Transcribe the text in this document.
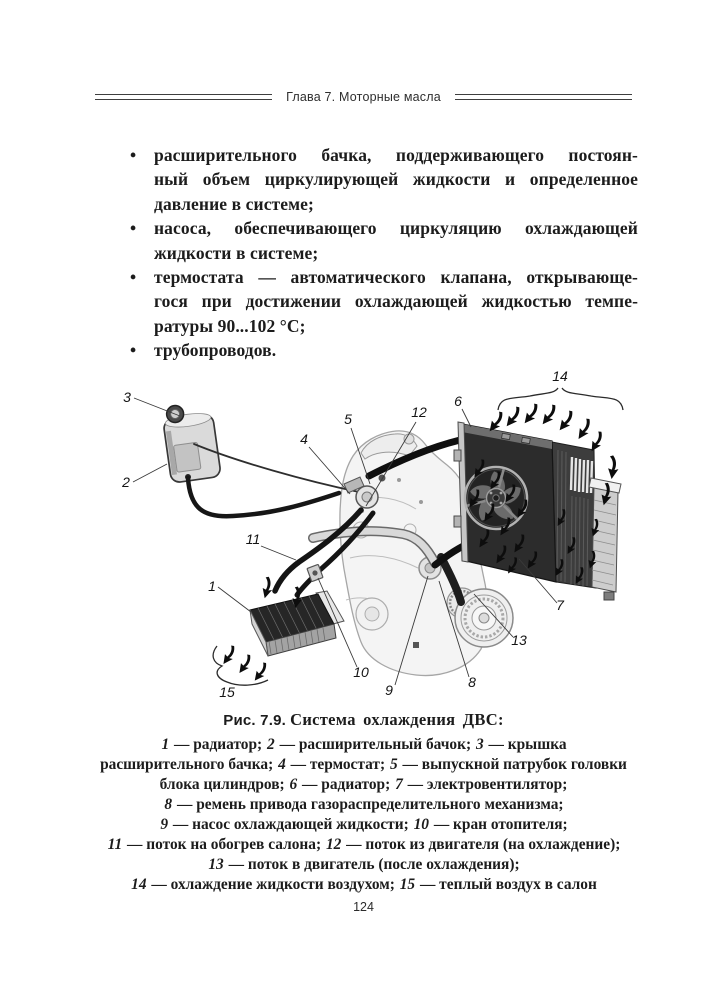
Глава 7. Моторные масла
•	расширительного бачка, поддерживающего постоян-
ный объем циркулирующей жидкости и определенное
давление в системе;
•	насоса, обеспечивающего циркуляцию охлаждающей
жидкости в системе;
•	термостата — автоматического клапана, открывающе-
гося при достижении охлаждающей жидкостью темпе-
ратуры 90...102 °С;
•	трубопроводов.
1
2
3
4
5
6
7
8
9
10
11
12
13
14
15
Рис. 7.9. Система охлаждения ДВС:
1 — радиатор; 2 — расширительный бачок; 3 — крышка
расширительного бачка; 4 — термостат; 5 — выпускной патрубок головки
блока цилиндров; 6 — радиатор; 7 — электровентилятор;
8 — ремень привода газораспределительного механизма;
9 — насос охлаждающей жидкости; 10 — кран отопителя;
11 — поток на обогрев салона; 12 — поток из двигателя (на охлаждение);
13 — поток в двигатель (после охлаждения);
14 — охлаждение жидкости воздухом; 15 — теплый воздух в салон
124
